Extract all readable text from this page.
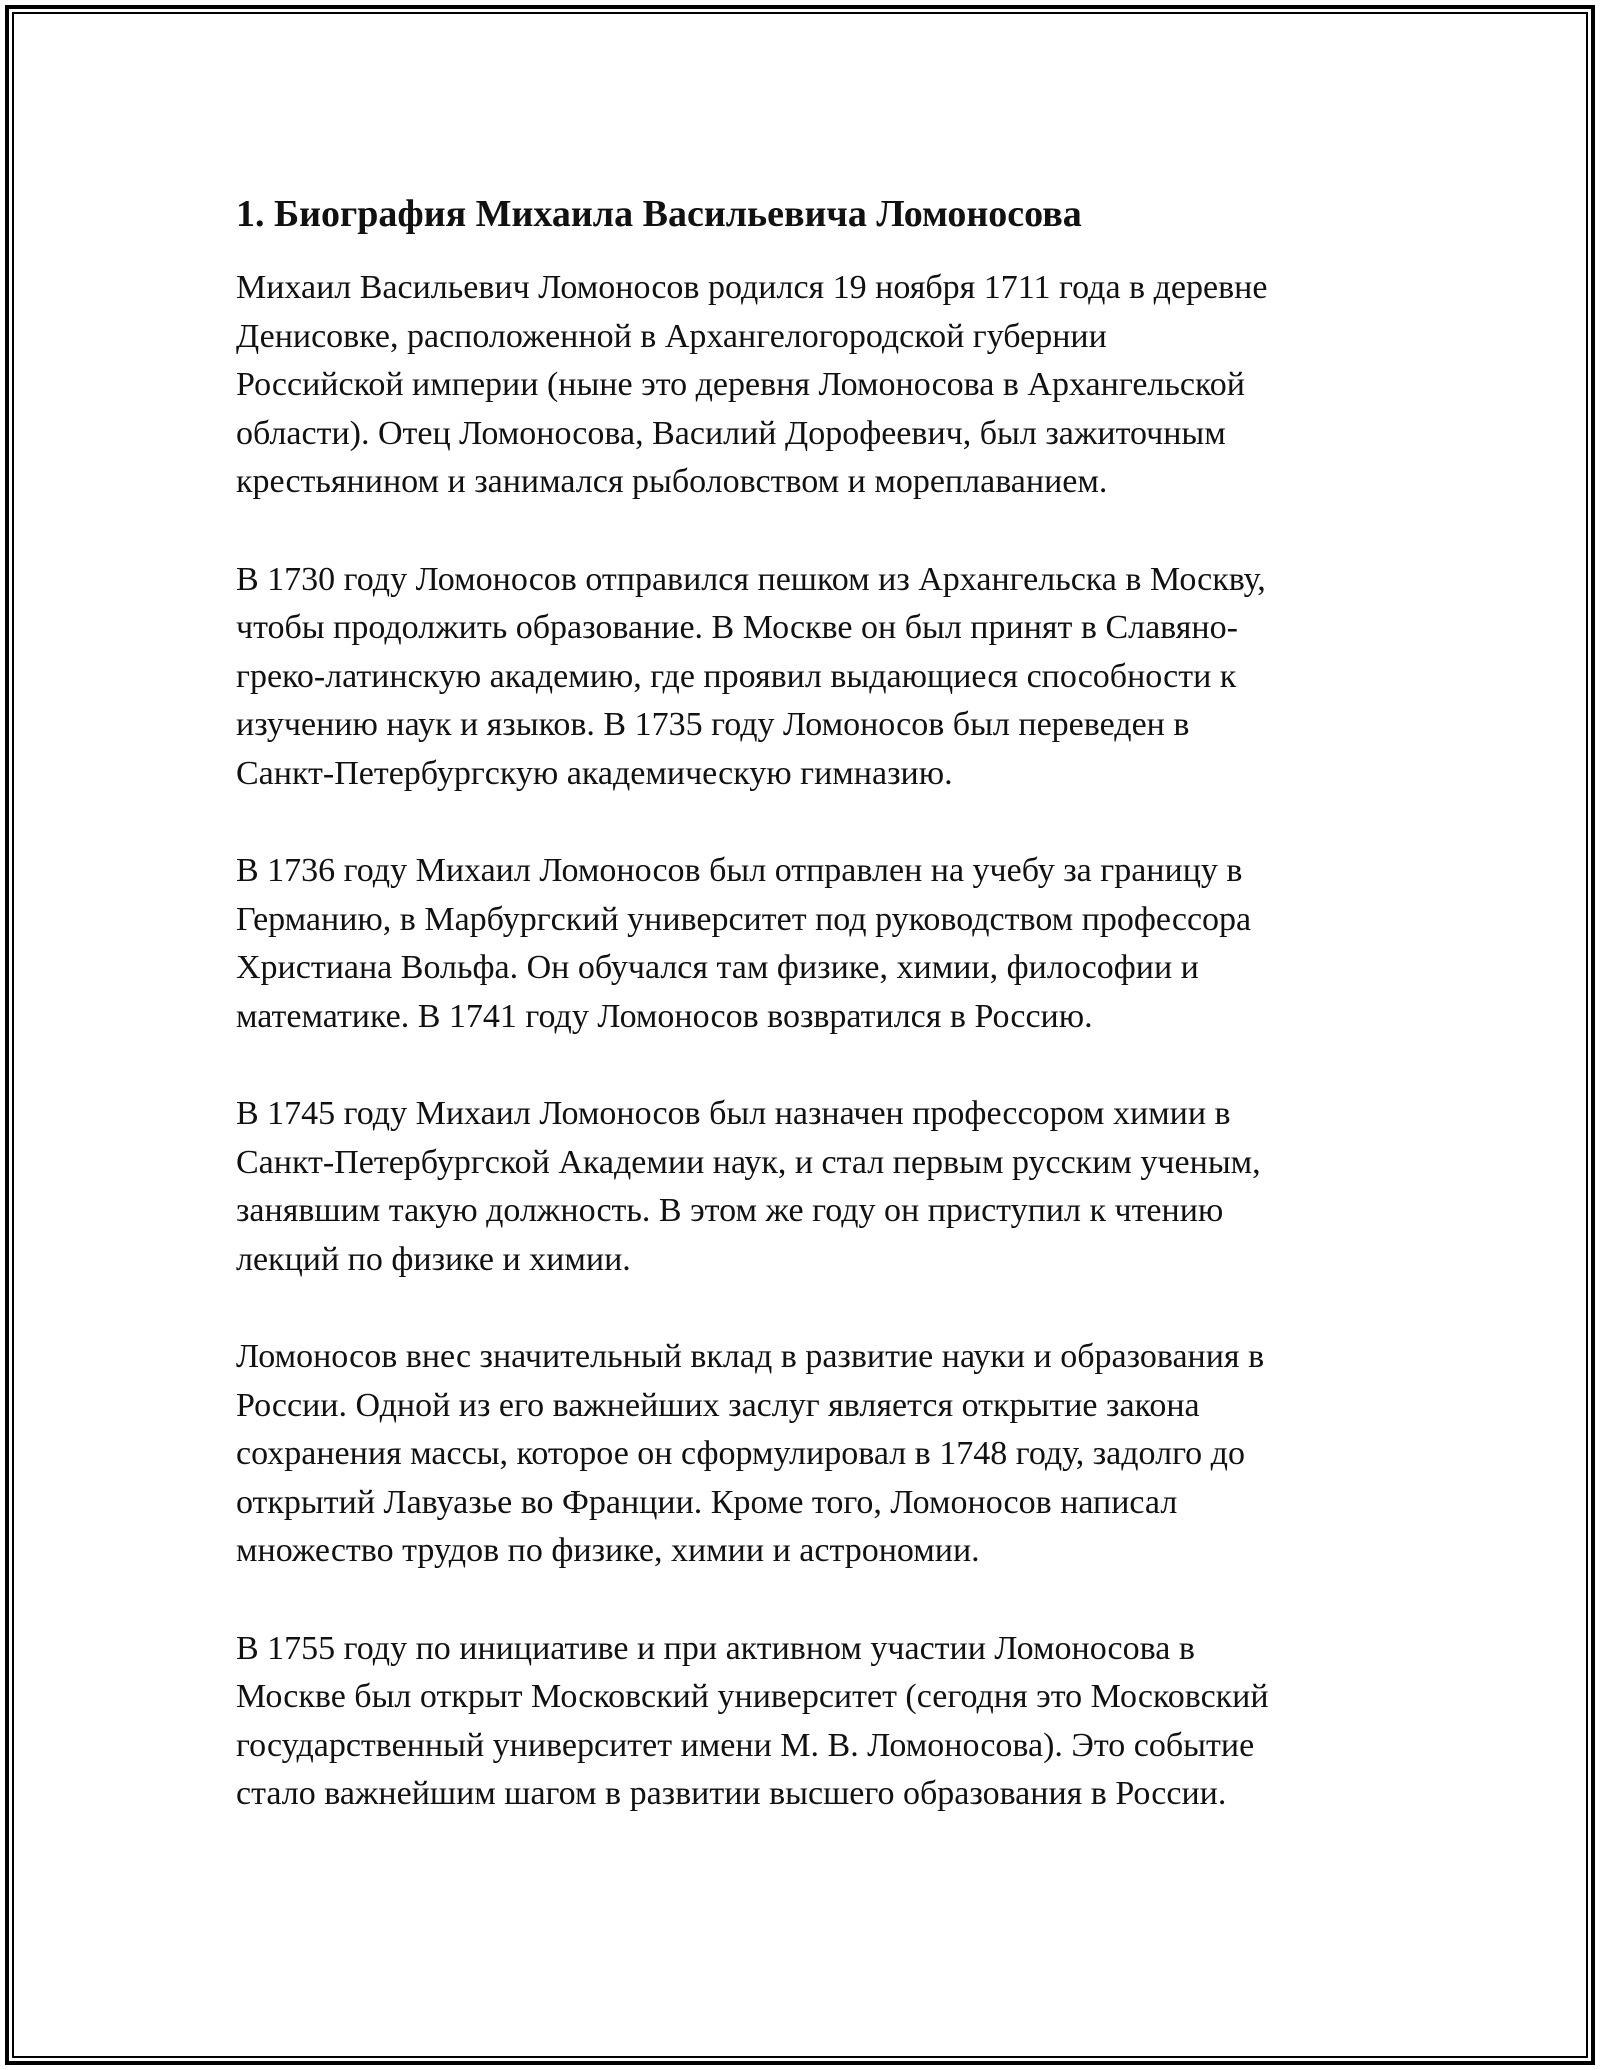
1. Биография Михаила Васильевича Ломоносова

Михаил Васильевич Ломоносов родился 19 ноября 1711 года в деревне
Денисовке, расположенной в Архангелогородской губернии
Российской империи (ныне это деревня Ломоносова в Архангельской
области). Отец Ломоносова, Василий Дорофеевич, был зажиточным
крестьянином и занимался рыболовством и мореплаванием.

В 1730 году Ломоносов отправился пешком из Архангельска в Москву,
чтобы продолжить образование. В Москве он был принят в Славяно-
греко-латинскую академию, где проявил выдающиеся способности к
изучению наук и языков. В 1735 году Ломоносов был переведен в
Санкт-Петербургскую академическую гимназию.

В 1736 году Михаил Ломоносов был отправлен на учебу за границу в
Германию, в Марбургский университет под руководством профессора
Христиана Вольфа. Он обучался там физике, химии, философии и
математике. В 1741 году Ломоносов возвратился в Россию.

В 1745 году Михаил Ломоносов был назначен профессором химии в
Санкт-Петербургской Академии наук, и стал первым русским ученым,
занявшим такую должность. В этом же году он приступил к чтению
лекций по физике и химии.

Ломоносов внес значительный вклад в развитие науки и образования в
России. Одной из его важнейших заслуг является открытие закона
сохранения массы, которое он сформулировал в 1748 году, задолго до
открытий Лавуазье во Франции. Кроме того, Ломоносов написал
множество трудов по физике, химии и астрономии.

В 1755 году по инициативе и при активном участии Ломоносова в
Москве был открыт Московский университет (сегодня это Московский
государственный университет имени М. В. Ломоносова). Это событие
стало важнейшим шагом в развитии высшего образования в России.
